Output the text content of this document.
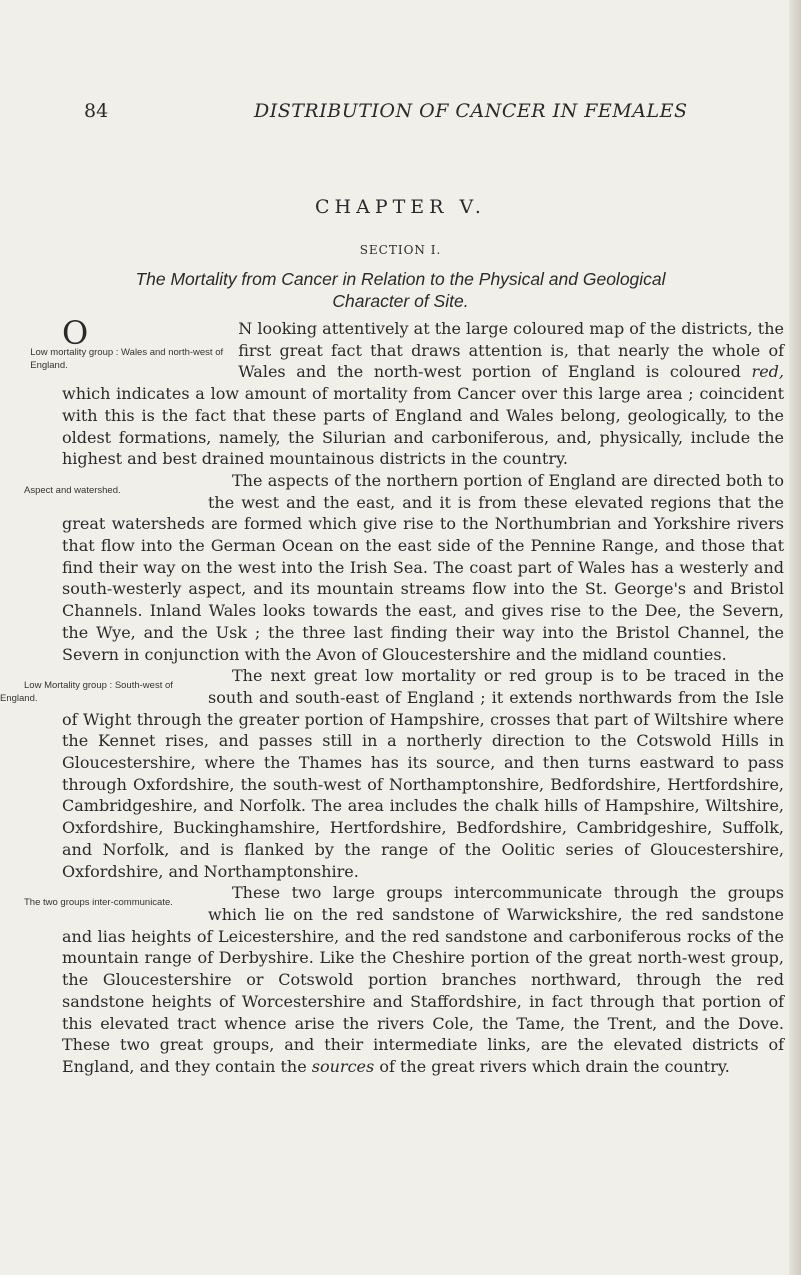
84	DISTRIBUTION OF CANCER IN FEMALES
CHAPTER V.
SECTION I.
The Mortality from Cancer in Relation to the Physical and Geological
Character of Site.

O
Low mortality group : Wales and north-west of England.
N looking attentively at the large coloured map of the districts, the first great fact that draws attention is, that nearly the whole of Wales and the north-west portion of England is coloured red, which indicates a low amount of mortality from Cancer over this large area ; coincident with this is the fact that these parts of England and Wales belong, geologically, to the oldest formations, namely, the Silurian and carboniferous, and, physically, include the highest and best drained mountainous districts in the country.

Aspect and watershed.
The aspects of the northern portion of England are directed both to the west and the east, and it is from these elevated regions that the great watersheds are formed which give rise to the Northumbrian and Yorkshire rivers that flow into the German Ocean on the east side of the Pennine Range, and those that find their way on the west into the Irish Sea. The coast part of Wales has a westerly and south-westerly aspect, and its mountain streams flow into the St. George's and Bristol Channels. Inland Wales looks towards the east, and gives rise to the Dee, the Severn, the Wye, and the Usk ; the three last finding their way into the Bristol Channel, the Severn in conjunction with the Avon of Gloucestershire and the midland counties.

Low Mortality group : South-west of England.
The next great low mortality or red group is to be traced in the south and south-east of England ; it extends northwards from the Isle of Wight through the greater portion of Hampshire, crosses that part of Wiltshire where the Kennet rises, and passes still in a northerly direction to the Cotswold Hills in Gloucestershire, where the Thames has its source, and then turns eastward to pass through Oxfordshire, the south-west of Northamptonshire, Bedfordshire, Hertfordshire, Cambridgeshire, and Norfolk. The area includes the chalk hills of Hampshire, Wiltshire, Oxfordshire, Buckinghamshire, Hertfordshire, Bedfordshire, Cambridgeshire, Suffolk, and Norfolk, and is flanked by the range of the Oolitic series of Gloucestershire, Oxfordshire, and Northamptonshire.

The two groups inter-communicate.
These two large groups intercommunicate through the groups which lie on the red sandstone of Warwickshire, the red sandstone and lias heights of Leicestershire, and the red sandstone and carboniferous rocks of the mountain range of Derbyshire. Like the Cheshire portion of the great north-west group, the Gloucestershire or Cotswold portion branches northward, through the red sandstone heights of Worcestershire and Staffordshire, in fact through that portion of this elevated tract whence arise the rivers Cole, the Tame, the Trent, and the Dove. These two great groups, and their intermediate links, are the elevated districts of England, and they contain the sources of the great rivers which drain the country.
